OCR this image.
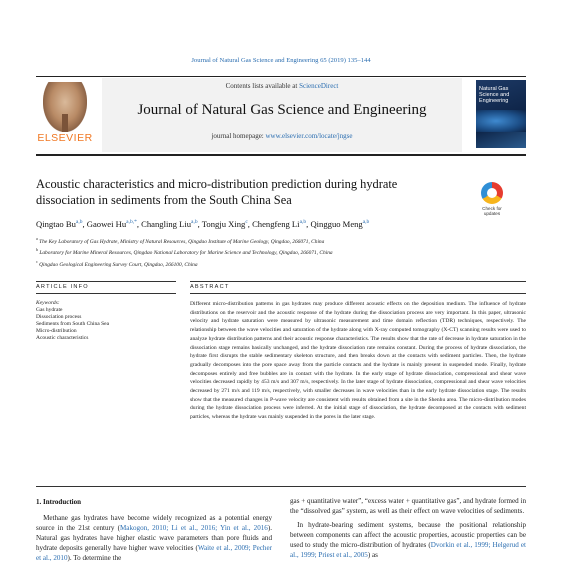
Journal of Natural Gas Science and Engineering 65 (2019) 135–144
ELSEVIER
Contents lists available at ScienceDirect
Journal of Natural Gas Science and Engineering
journal homepage: www.elsevier.com/locate/jngse
Natural Gas Science and Engineering
Acoustic characteristics and micro-distribution prediction during hydrate dissociation in sediments from the South China Sea
Check for updates
Qingtao Bu$^{a,b}$, Gaowei $Hu^{a,b,*}$, Changling Liu$^{a,b}$, Tongju Xing$^c$, Chengfeng Li$^{a,b}$, Qingguo Meng$^{a,b}$
$^a$ The Key Laboratory of Gas Hydrate, Ministry of Natural Resources, Qingdao Institute of Marine Geology, Qingdao, 266071, China
$^b$ Laboratory for Marine Mineral Resources, Qingdao National Laboratory for Marine Science and Technology, Qingdao, 266071, China
$^c$ Qingdao Geological Engineering Survey Court, Qingdao, 266100, China
ARTICLE INFO	ABSTRACT
Keywords:
Gas hydrate
Dissociation process
Sediments from South China Sea
Micro-distribution
Acoustic characteristics
Different micro-distribution patterns in gas hydrates may produce different acoustic effects on the deposition medium. The influence of hydrate distributions on the reservoir and the acoustic response of the hydrate during the dissociation process are very important. In this paper, ultrasonic velocity and hydrate saturation were measured by ultrasonic measurement and time domain reflection (TDR) techniques, respectively. The relationship between the wave velocities and saturation of the hydrate along with X-ray computed tomography (X-CT) scanning results were used to analyze hydrate distribution patterns and their acoustic response characteristics. The results show that the rate of decrease in hydrate saturation in the dissociation stage remains basically unchanged, and the hydrate dissociation rate remains constant. During the process of hydrate dissociation, the hydrate first disrupts the stable sedimentary skeleton structure, and then breaks down at the contacts with sediment particles. Then, the hydrate gradually decomposes into the pore space away from the particle contacts and the hydrate is mainly present in suspended mode. Finally, hydrate decomposes entirely and free bubbles are in contact with the hydrate. In the early stage of hydrate dissociation, compressional and shear wave velocities decreased rapidly by 453 m/s and 307 m/s, respectively. In the later stage of hydrate dissociation, compressional and shear wave velocities decreased by 271 m/s and 119 m/s, respectively, with smaller decreases in wave velocities than in the early hydrate dissociation stage. The results show that the measured changes in P-wave velocity are consistent with results obtained from a site in the Shenhu area. The micro-distribution modes during the hydrate dissociation process were inferred. At the initial stage of dissociation, the hydrate decomposed at the contacts with sediment particles, whereas the hydrate was mainly suspended in the pores in the later stage.
1. Introduction
 Methane gas hydrates have become widely recognized as a potential energy source in the 21st century (Makogon, 2010; Li et al., 2016; Yin et al., 2016). Natural gas hydrates have higher elastic wave parameters than pore fluids and hydrate deposits generally have higher wave velocities (Waite et al., 2009; Pecher et al., 2010). To determine the
gas + quantitative water”, “excess water + quantitative gas”, and hydrate formed in the “dissolved gas” system, as well as their effect on wave velocities of sediments.
 In hydrate-bearing sediment systems, because the positional relationship between components can affect the acoustic properties, acoustic properties can be used to study the micro-distribution of hydrates (Dvorkin et al., 1999; Helgerud et al., 1999; Priest et al., 2005) as
